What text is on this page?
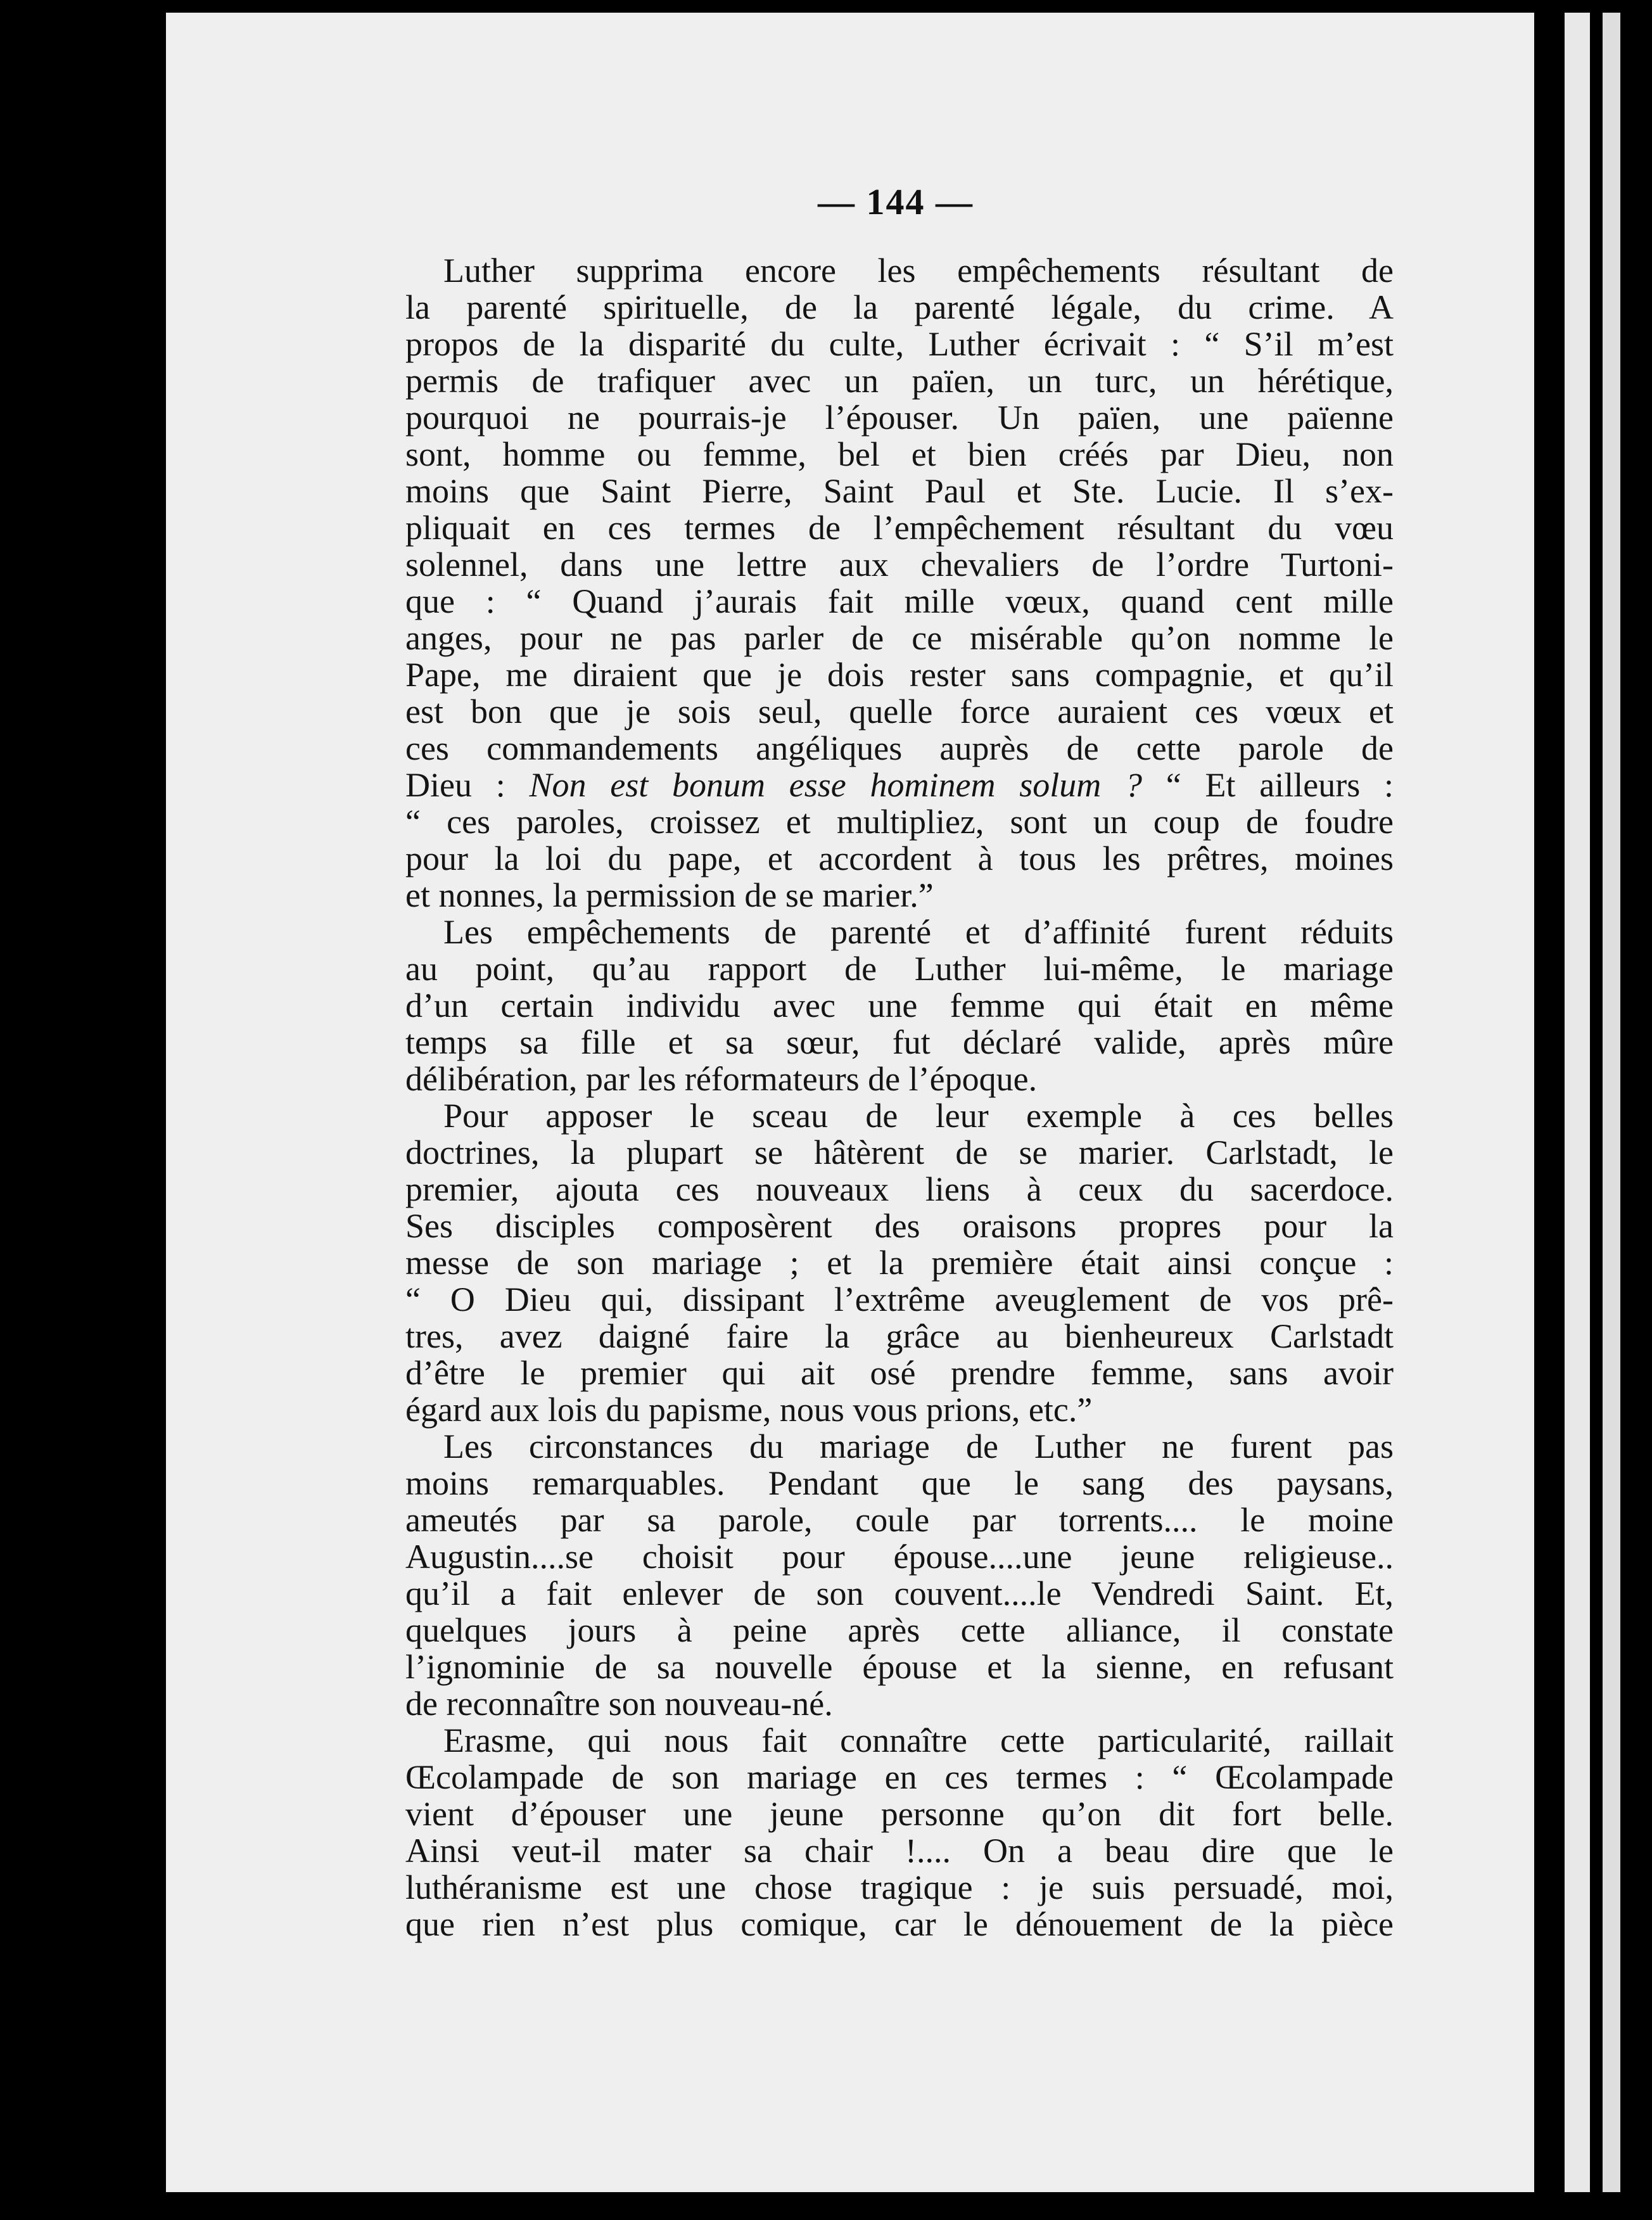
— 144 —
Luther supprima encore les empêchements résultant de
la parenté spirituelle, de la parenté légale, du crime. A
propos de la disparité du culte, Luther écrivait : “ S’il m’est
permis de trafiquer avec un païen, un turc, un hérétique,
pourquoi ne pourrais-je l’épouser. Un païen, une païenne
sont, homme ou femme, bel et bien créés par Dieu, non
moins que Saint Pierre, Saint Paul et Ste. Lucie. Il s’ex-
pliquait en ces termes de l’empêchement résultant du vœu
solennel, dans une lettre aux chevaliers de l’ordre Turtoni-
que : “ Quand j’aurais fait mille vœux, quand cent mille
anges, pour ne pas parler de ce misérable qu’on nomme le
Pape, me diraient que je dois rester sans compagnie, et qu’il
est bon que je sois seul, quelle force auraient ces vœux et
ces commandements angéliques auprès de cette parole de
Dieu : Non est bonum esse hominem solum ? “ Et ailleurs :
“ ces paroles, croissez et multipliez, sont un coup de foudre
pour la loi du pape, et accordent à tous les prêtres, moines
et nonnes, la permission de se marier.”
Les empêchements de parenté et d’affinité furent réduits
au point, qu’au rapport de Luther lui-même, le mariage
d’un certain individu avec une femme qui était en même
temps sa fille et sa sœur, fut déclaré valide, après mûre
délibération, par les réformateurs de l’époque.
Pour apposer le sceau de leur exemple à ces belles
doctrines, la plupart se hâtèrent de se marier. Carlstadt, le
premier, ajouta ces nouveaux liens à ceux du sacerdoce.
Ses disciples composèrent des oraisons propres pour la
messe de son mariage ; et la première était ainsi conçue :
“ O Dieu qui, dissipant l’extrême aveuglement de vos prê-
tres, avez daigné faire la grâce au bienheureux Carlstadt
d’être le premier qui ait osé prendre femme, sans avoir
égard aux lois du papisme, nous vous prions, etc.”
Les circonstances du mariage de Luther ne furent pas
moins remarquables. Pendant que le sang des paysans,
ameutés par sa parole, coule par torrents.... le moine
Augustin....se choisit pour épouse....une jeune religieuse..
qu’il a fait enlever de son couvent....le Vendredi Saint. Et,
quelques jours à peine après cette alliance, il constate
l’ignominie de sa nouvelle épouse et la sienne, en refusant
de reconnaître son nouveau-né.
Erasme, qui nous fait connaître cette particularité, raillait
Œcolampade de son mariage en ces termes : “ Œcolampade
vient d’épouser une jeune personne qu’on dit fort belle.
Ainsi veut-il mater sa chair !.... On a beau dire que le
luthéranisme est une chose tragique : je suis persuadé, moi,
que rien n’est plus comique, car le dénouement de la pièce
